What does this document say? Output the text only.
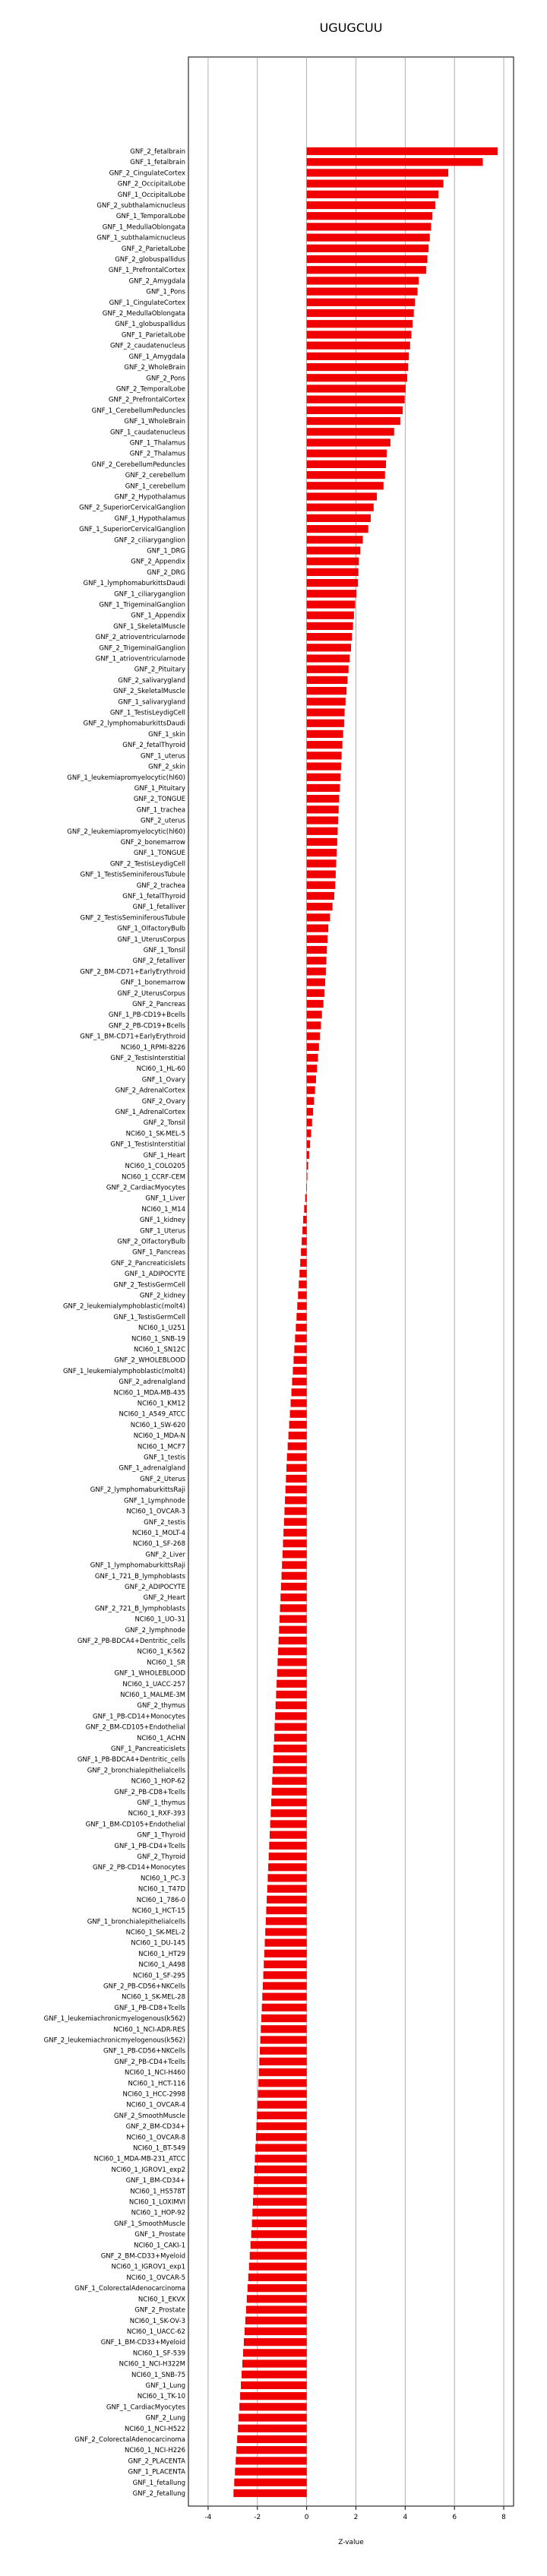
UGUGCUU
GNF_2_fetalbrain
GNF_1_fetalbrain
GNF_2_CingulateCortex
GNF_2_OccipitalLobe
GNF_1_OccipitalLobe
GNF_2_subthalamicnucleus
GNF_1_TemporalLobe
GNF_1_MedullaOblongata
GNF_1_subthalamicnucleus
GNF_2_ParietalLobe
GNF_2_globuspallidus
GNF_1_PrefrontalCortex
GNF_2_Amygdala
GNF_1_Pons
GNF_1_CingulateCortex
GNF_2_MedullaOblongata
GNF_1_globuspallidus
GNF_1_ParietalLobe
GNF_2_caudatenucleus
GNF_1_Amygdala
GNF_2_WholeBrain
GNF_2_Pons
GNF_2_TemporalLobe
GNF_2_PrefrontalCortex
GNF_1_CerebellumPeduncles
GNF_1_WholeBrain
GNF_1_caudatenucleus
GNF_1_Thalamus
GNF_2_Thalamus
GNF_2_CerebellumPeduncles
GNF_2_cerebellum
GNF_1_cerebellum
GNF_2_Hypothalamus
GNF_2_SuperiorCervicalGanglion
GNF_1_Hypothalamus
GNF_1_SuperiorCervicalGanglion
GNF_2_ciliaryganglion
GNF_1_DRG
GNF_2_Appendix
GNF_2_DRG
GNF_1_lymphomaburkittsDaudi
GNF_1_ciliaryganglion
GNF_1_TrigeminalGanglion
GNF_1_Appendix
GNF_1_SkeletalMuscle
GNF_2_atrioventricularnode
GNF_2_TrigeminalGanglion
GNF_1_atrioventricularnode
GNF_2_Pituitary
GNF_2_salivarygland
GNF_2_SkeletalMuscle
GNF_1_salivarygland
GNF_1_TestisLeydigCell
GNF_2_lymphomaburkittsDaudi
GNF_1_skin
GNF_2_fetalThyroid
GNF_1_uterus
GNF_2_skin
GNF_1_leukemiapromyelocytic(hl60)
GNF_1_Pituitary
GNF_2_TONGUE
GNF_1_trachea
GNF_2_uterus
GNF_2_leukemiapromyelocytic(hl60)
GNF_2_bonemarrow
GNF_1_TONGUE
GNF_2_TestisLeydigCell
GNF_1_TestisSeminiferousTubule
GNF_2_trachea
GNF_1_fetalThyroid
GNF_1_fetalliver
GNF_2_TestisSeminiferousTubule
GNF_1_OlfactoryBulb
GNF_1_UterusCorpus
GNF_1_Tonsil
GNF_2_fetalliver
GNF_2_BM-CD71+EarlyErythroid
GNF_1_bonemarrow
GNF_2_UterusCorpus
GNF_2_Pancreas
GNF_1_PB-CD19+Bcells
GNF_2_PB-CD19+Bcells
GNF_1_BM-CD71+EarlyErythroid
NCI60_1_RPMI-8226
GNF_2_TestisInterstitial
NCI60_1_HL-60
GNF_1_Ovary
GNF_2_AdrenalCortex
GNF_2_Ovary
GNF_1_AdrenalCortex
GNF_2_Tonsil
NCI60_1_SK-MEL-5
GNF_1_TestisInterstitial
GNF_1_Heart
NCI60_1_COLO205
NCI60_1_CCRF-CEM
GNF_2_CardiacMyocytes
GNF_1_Liver
NCI60_1_M14
GNF_1_kidney
GNF_1_Uterus
GNF_2_OlfactoryBulb
GNF_1_Pancreas
GNF_2_Pancreaticislets
GNF_1_ADIPOCYTE
GNF_2_TestisGermCell
GNF_2_kidney
GNF_2_leukemialymphoblastic(molt4)
GNF_1_TestisGermCell
NCI60_1_U251
NCI60_1_SNB-19
NCI60_1_SN12C
GNF_2_WHOLEBLOOD
GNF_1_leukemialymphoblastic(molt4)
GNF_2_adrenalgland
NCI60_1_MDA-MB-435
NCI60_1_KM12
NCI60_1_A549_ATCC
NCI60_1_SW-620
NCI60_1_MDA-N
NCI60_1_MCF7
GNF_1_testis
GNF_1_adrenalgland
GNF_2_Uterus
GNF_2_lymphomaburkittsRaji
GNF_1_Lymphnode
NCI60_1_OVCAR-3
GNF_2_testis
NCI60_1_MOLT-4
NCI60_1_SF-268
GNF_2_Liver
GNF_1_lymphomaburkittsRaji
GNF_1_721_B_lymphoblasts
GNF_2_ADIPOCYTE
GNF_2_Heart
GNF_2_721_B_lymphoblasts
NCI60_1_UO-31
GNF_2_lymphnode
GNF_2_PB-BDCA4+Dentritic_cells
NCI60_1_K-562
NCI60_1_SR
GNF_1_WHOLEBLOOD
NCI60_1_UACC-257
NCI60_1_MALME-3M
GNF_2_thymus
GNF_1_PB-CD14+Monocytes
GNF_2_BM-CD105+Endothelial
NCI60_1_ACHN
GNF_1_Pancreaticislets
GNF_1_PB-BDCA4+Dentritic_cells
GNF_2_bronchialepithelialcells
NCI60_1_HOP-62
GNF_2_PB-CD8+Tcells
GNF_1_thymus
NCI60_1_RXF-393
GNF_1_BM-CD105+Endothelial
GNF_1_Thyroid
GNF_1_PB-CD4+Tcells
GNF_2_Thyroid
GNF_2_PB-CD14+Monocytes
NCI60_1_PC-3
NCI60_1_T47D
NCI60_1_786-0
NCI60_1_HCT-15
GNF_1_bronchialepithelialcells
NCI60_1_SK-MEL-2
NCI60_1_DU-145
NCI60_1_HT29
NCI60_1_A498
NCI60_1_SF-295
GNF_2_PB-CD56+NKCells
NCI60_1_SK-MEL-28
GNF_1_PB-CD8+Tcells
GNF_1_leukemiachronicmyelogenous(k562)
NCI60_1_NCI-ADR-RES
GNF_2_leukemiachronicmyelogenous(k562)
GNF_1_PB-CD56+NKCells
GNF_2_PB-CD4+Tcells
NCI60_1_NCI-H460
NCI60_1_HCT-116
NCI60_1_HCC-2998
NCI60_1_OVCAR-4
GNF_2_SmoothMuscle
GNF_2_BM-CD34+
NCI60_1_OVCAR-8
NCI60_1_BT-549
NCI60_1_MDA-MB-231_ATCC
NCI60_1_IGROV1_exp2
GNF_1_BM-CD34+
NCI60_1_HS578T
NCI60_1_LOXIMVI
NCI60_1_HOP-92
GNF_1_SmoothMuscle
GNF_1_Prostate
NCI60_1_CAKI-1
GNF_2_BM-CD33+Myeloid
NCI60_1_IGROV1_exp1
NCI60_1_OVCAR-5
GNF_1_ColorectalAdenocarcinoma
NCI60_1_EKVX
GNF_2_Prostate
NCI60_1_SK-OV-3
NCI60_1_UACC-62
GNF_1_BM-CD33+Myeloid
NCI60_1_SF-539
NCI60_1_NCI-H322M
NCI60_1_SNB-75
GNF_1_Lung
NCI60_1_TK-10
GNF_1_CardiacMyocytes
GNF_2_Lung
NCI60_1_NCI-H522
GNF_2_ColorectalAdenocarcinoma
NCI60_1_NCI-H226
GNF_2_PLACENTA
GNF_1_PLACENTA
GNF_1_fetallung
GNF_2_fetallung
-4	-2	0	2	4	6	8
Z-value
